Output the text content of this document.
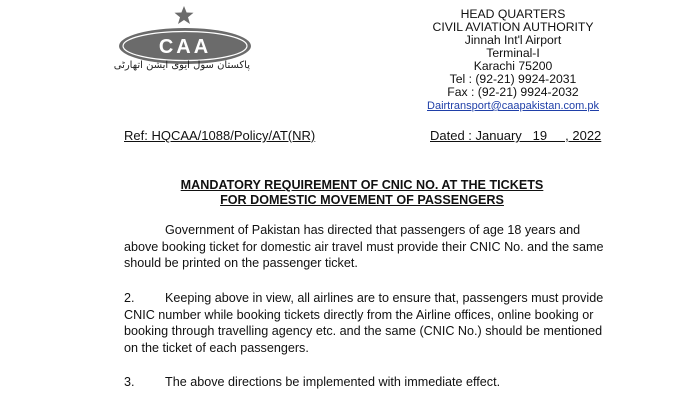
CAA
پاکستان سول ایوی ایشن اتھارٹی
HEAD QUARTERS
CIVIL AVIATION AUTHORITY
Jinnah Int'l Airport
Terminal-I
Karachi 75200
Tel : (92-21) 9924-2031
Fax : (92-21) 9924-2032
Dairtransport@caapakistan.com.pk
Ref: HQCAA/1088/Policy/AT(NR)	Dated : January   19     , 2022
MANDATORY REQUIREMENT OF CNIC NO. AT THE TICKETS
FOR DOMESTIC MOVEMENT OF PASSENGERS
Government of Pakistan has directed that passengers of age 18 years and above booking ticket for domestic air travel must provide their CNIC No. and the same should be printed on the passenger ticket.
2. Keeping above in view, all airlines are to ensure that, passengers must provide CNIC number while booking tickets directly from the Airline offices, online booking or booking through travelling agency etc. and the same (CNIC No.) should be mentioned on the ticket of each passengers.
3. The above directions be implemented with immediate effect.
